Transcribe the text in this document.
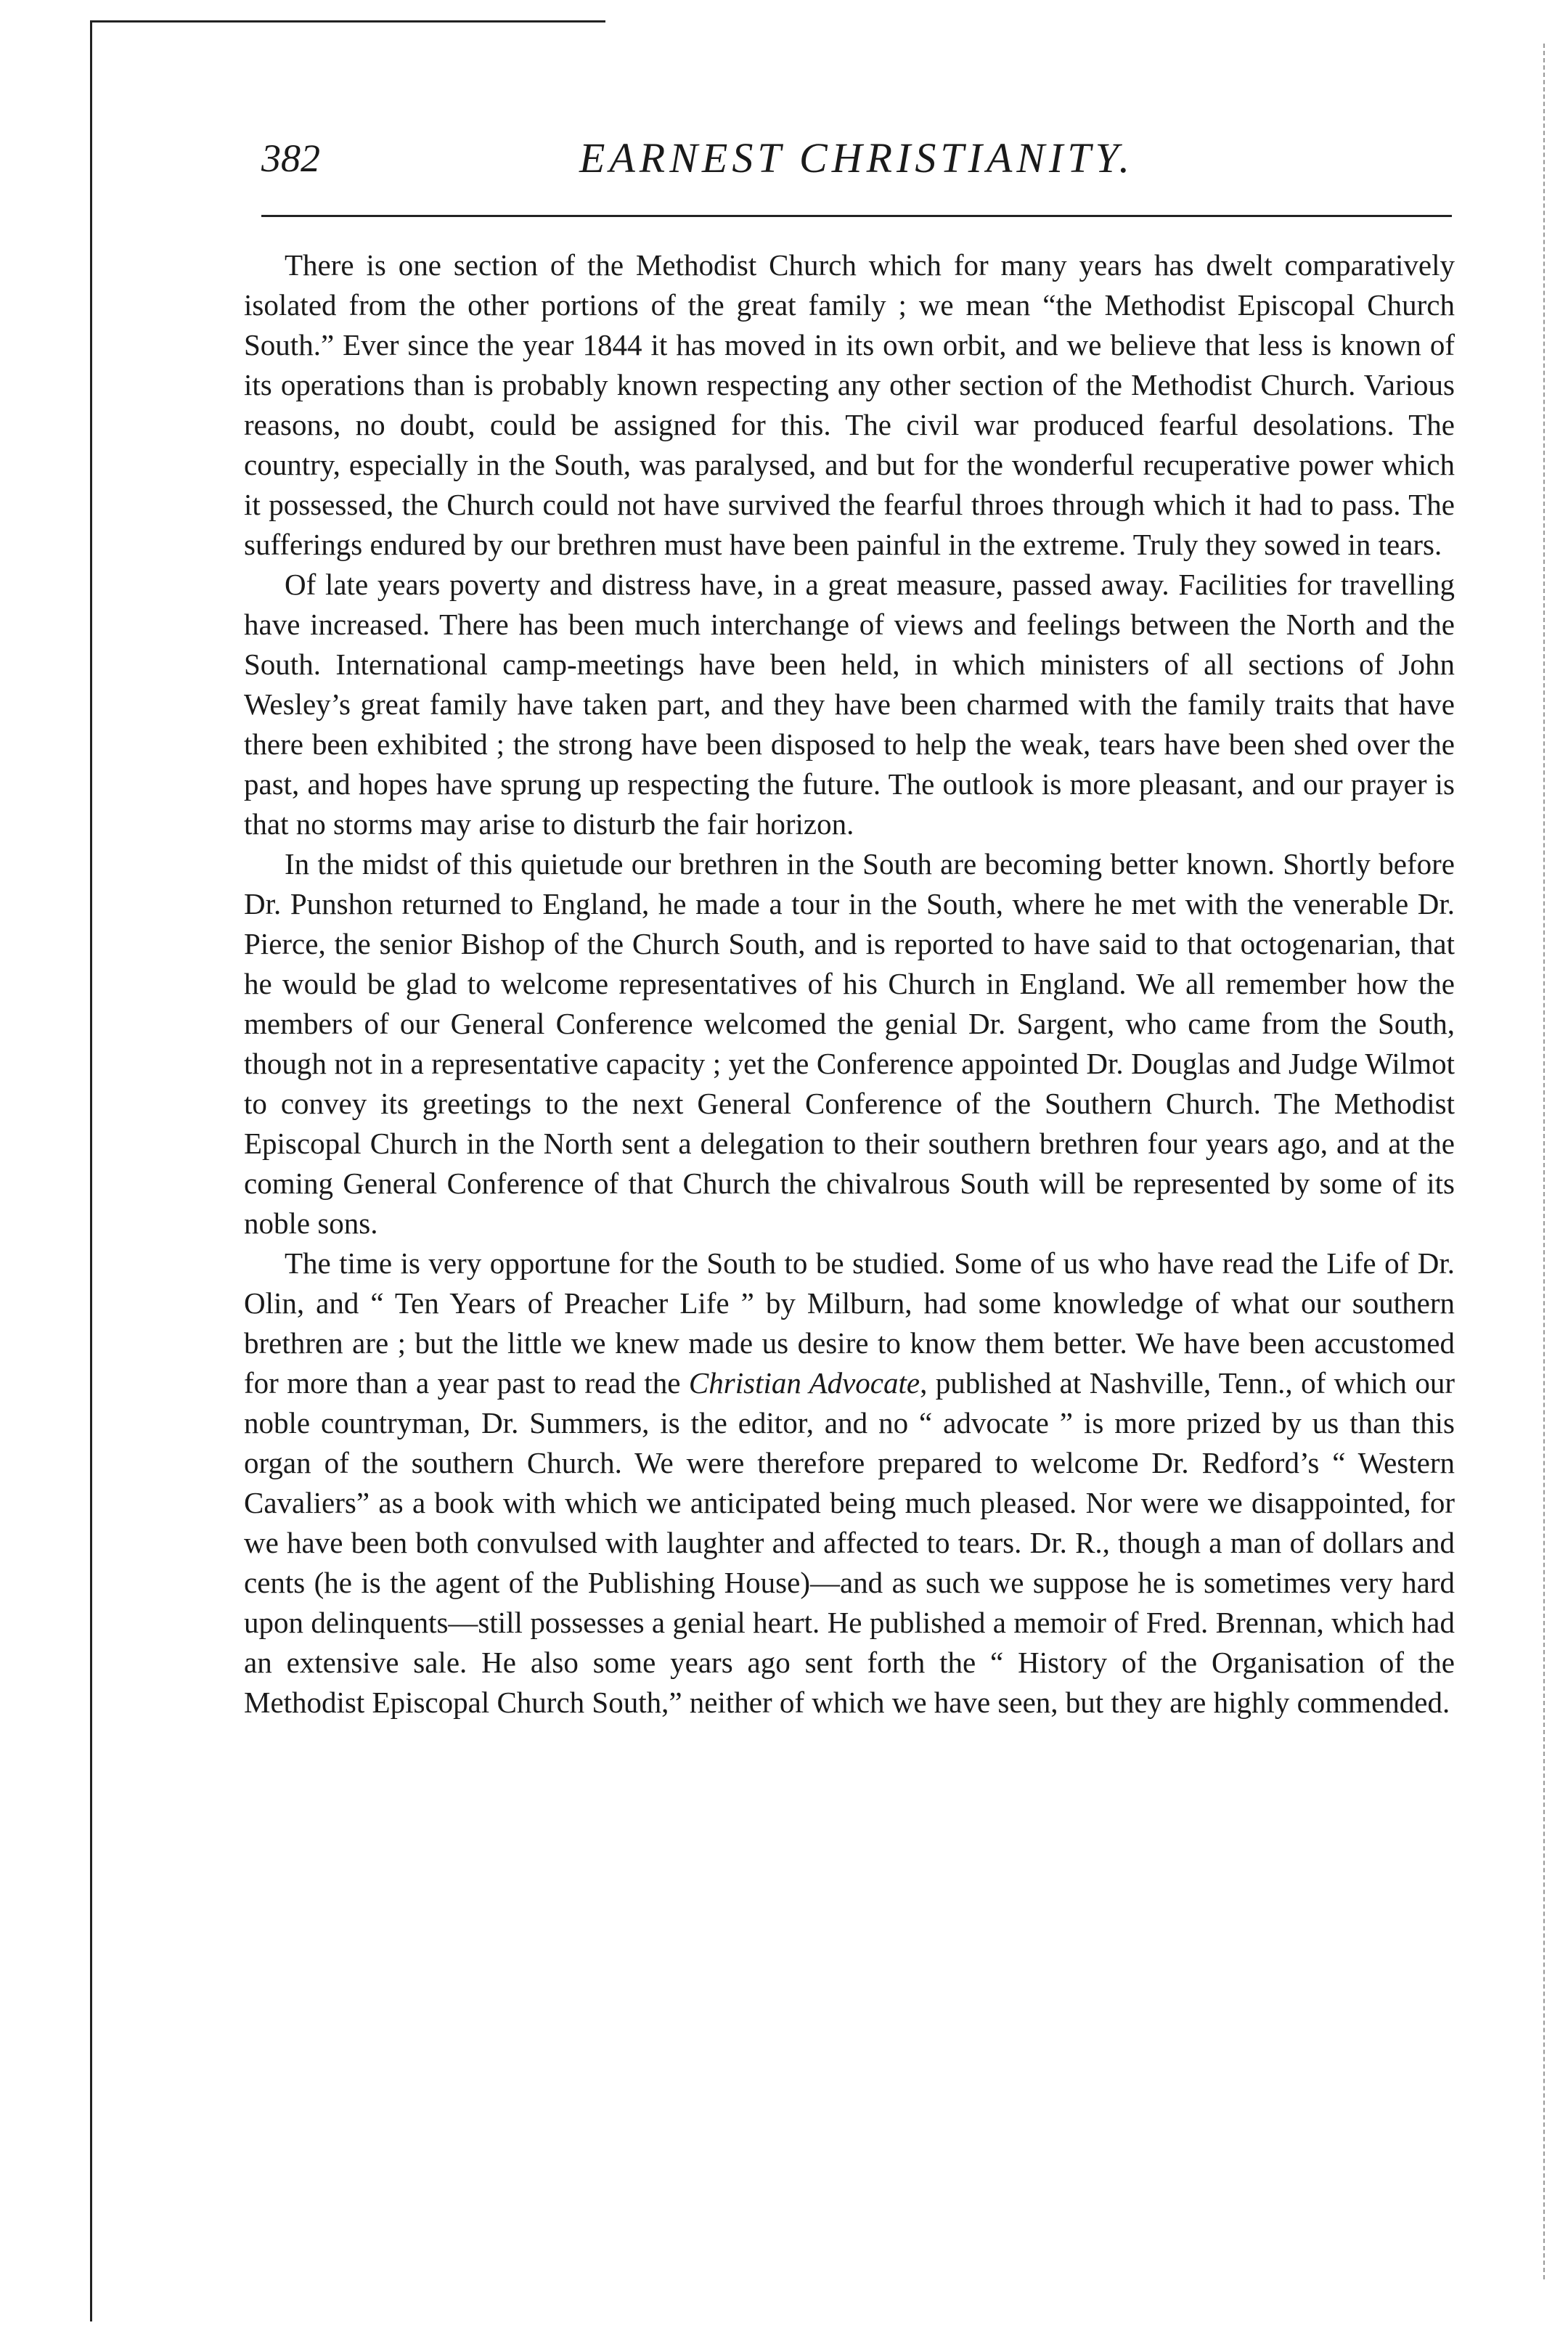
382	EARNEST CHRISTIANITY.

There is one section of the Methodist Church which for many years has dwelt comparatively isolated from the other portions of the great family ; we mean “the Methodist Episcopal Church South.” Ever since the year 1844 it has moved in its own orbit, and we believe that less is known of its operations than is probably known respecting any other section of the Methodist Church. Various reasons, no doubt, could be assigned for this. The civil war produced fearful desolations. The country, especially in the South, was paralysed, and but for the wonderful recuperative power which it possessed, the Church could not have survived the fearful throes through which it had to pass. The sufferings endured by our brethren must have been painful in the extreme. Truly they sowed in tears.

Of late years poverty and distress have, in a great measure, passed away. Facilities for travelling have increased. There has been much interchange of views and feelings between the North and the South. International camp-meetings have been held, in which ministers of all sections of John Wesley’s great family have taken part, and they have been charmed with the family traits that have there been exhibited ; the strong have been disposed to help the weak, tears have been shed over the past, and hopes have sprung up respecting the future. The outlook is more pleasant, and our prayer is that no storms may arise to disturb the fair horizon.

In the midst of this quietude our brethren in the South are becoming better known. Shortly before Dr. Punshon returned to England, he made a tour in the South, where he met with the venerable Dr. Pierce, the senior Bishop of the Church South, and is reported to have said to that octogenarian, that he would be glad to welcome representatives of his Church in England. We all remember how the members of our General Conference welcomed the genial Dr. Sargent, who came from the South, though not in a representative capacity ; yet the Conference appointed Dr. Douglas and Judge Wilmot to convey its greetings to the next General Conference of the Southern Church. The Methodist Episcopal Church in the North sent a delegation to their southern brethren four years ago, and at the coming General Conference of that Church the chivalrous South will be represented by some of its noble sons.

The time is very opportune for the South to be studied. Some of us who have read the Life of Dr. Olin, and “ Ten Years of Preacher Life ” by Milburn, had some knowledge of what our southern brethren are ; but the little we knew made us desire to know them better. We have been accustomed for more than a year past to read the Christian Advocate, published at Nashville, Tenn., of which our noble countryman, Dr. Summers, is the editor, and no “ advocate ” is more prized by us than this organ of the southern Church. We were therefore prepared to welcome Dr. Redford’s “ Western Cavaliers” as a book with which we anticipated being much pleased. Nor were we disappointed, for we have been both convulsed with laughter and affected to tears. Dr. R., though a man of dollars and cents (he is the agent of the Publishing House)—and as such we suppose he is sometimes very hard upon delinquents—still possesses a genial heart. He published a memoir of Fred. Brennan, which had an extensive sale. He also some years ago sent forth the “ History of the Organisation of the Methodist Episcopal Church South,” neither of which we have seen, but they are highly commended.
